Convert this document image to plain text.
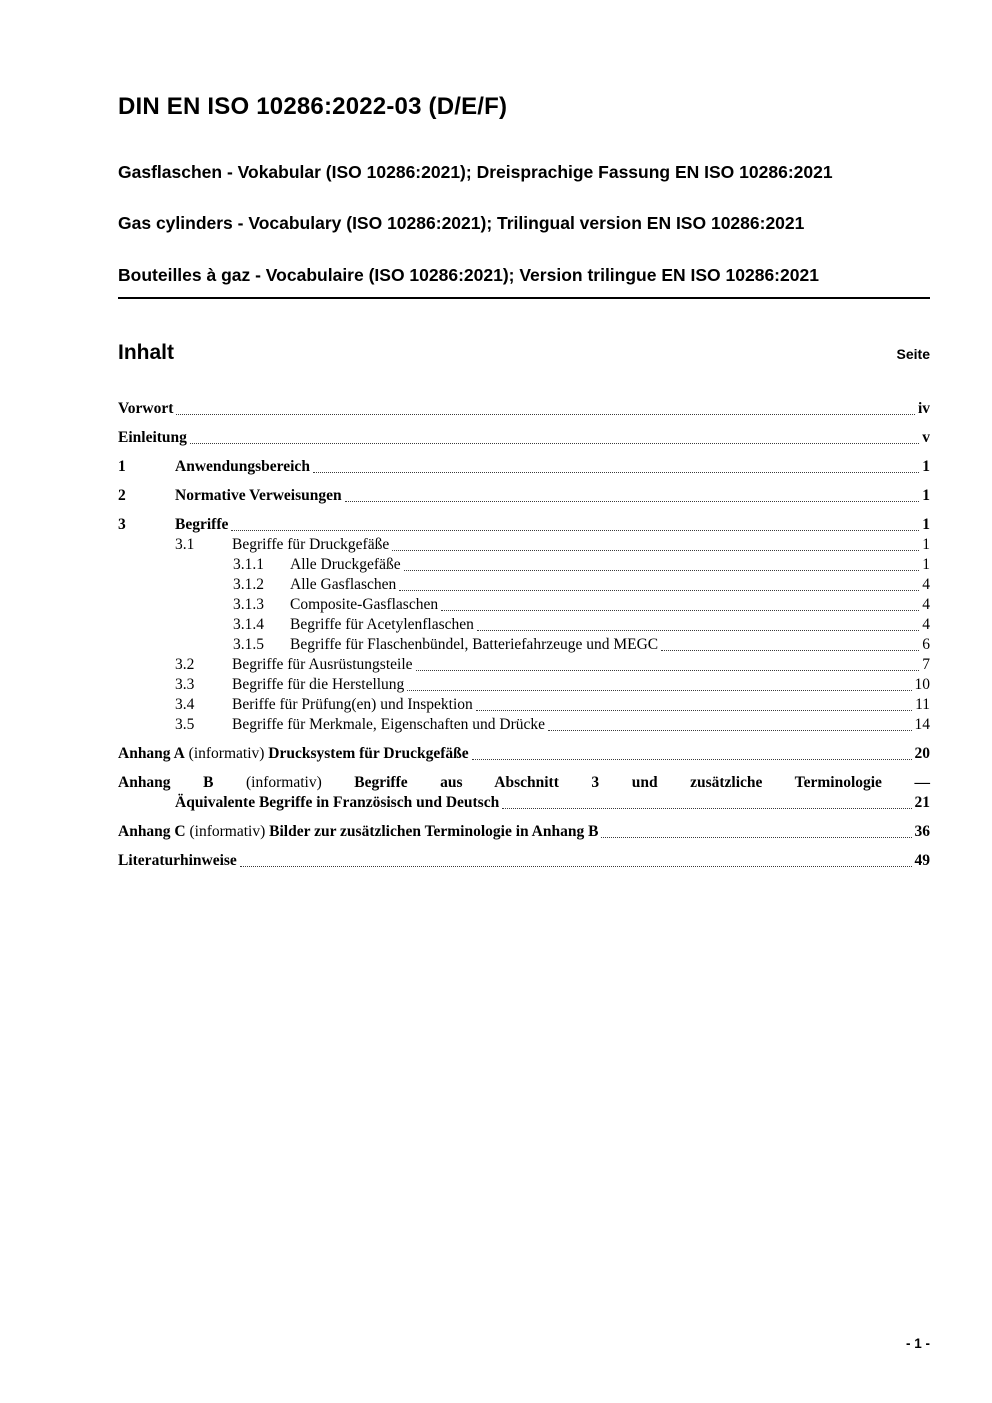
DIN EN ISO 10286:2022-03 (D/E/F)
Gasflaschen - Vokabular (ISO 10286:2021); Dreisprachige Fassung EN ISO 10286:2021
Gas cylinders - Vocabulary (ISO 10286:2021); Trilingual version EN ISO 10286:2021
Bouteilles à gaz - Vocabulaire (ISO 10286:2021); Version trilingue EN ISO 10286:2021
Inhalt	Seite
Vorwort	iv
Einleitung	v
1	Anwendungsbereich	1
2	Normative Verweisungen	1
3	Begriffe	1
3.1	Begriffe für Druckgefäße	1
3.1.1	Alle Druckgefäße	1
3.1.2	Alle Gasflaschen	4
3.1.3	Composite-Gasflaschen	4
3.1.4	Begriffe für Acetylenflaschen	4
3.1.5	Begriffe für Flaschenbündel, Batteriefahrzeuge und MEGC	6
3.2	Begriffe für Ausrüstungsteile	7
3.3	Begriffe für die Herstellung	10
3.4	Beriffe für Prüfung(en) und Inspektion	11
3.5	Begriffe für Merkmale, Eigenschaften und Drücke	14
Anhang A (informativ) Drucksystem für Druckgefäße	20
Anhang B (informativ) Begriffe aus Abschnitt 3 und zusätzliche Terminologie —
Äquivalente Begriffe in Französisch und Deutsch	21
Anhang C (informativ) Bilder zur zusätzlichen Terminologie in Anhang B	36
Literaturhinweise	49
- 1 -
